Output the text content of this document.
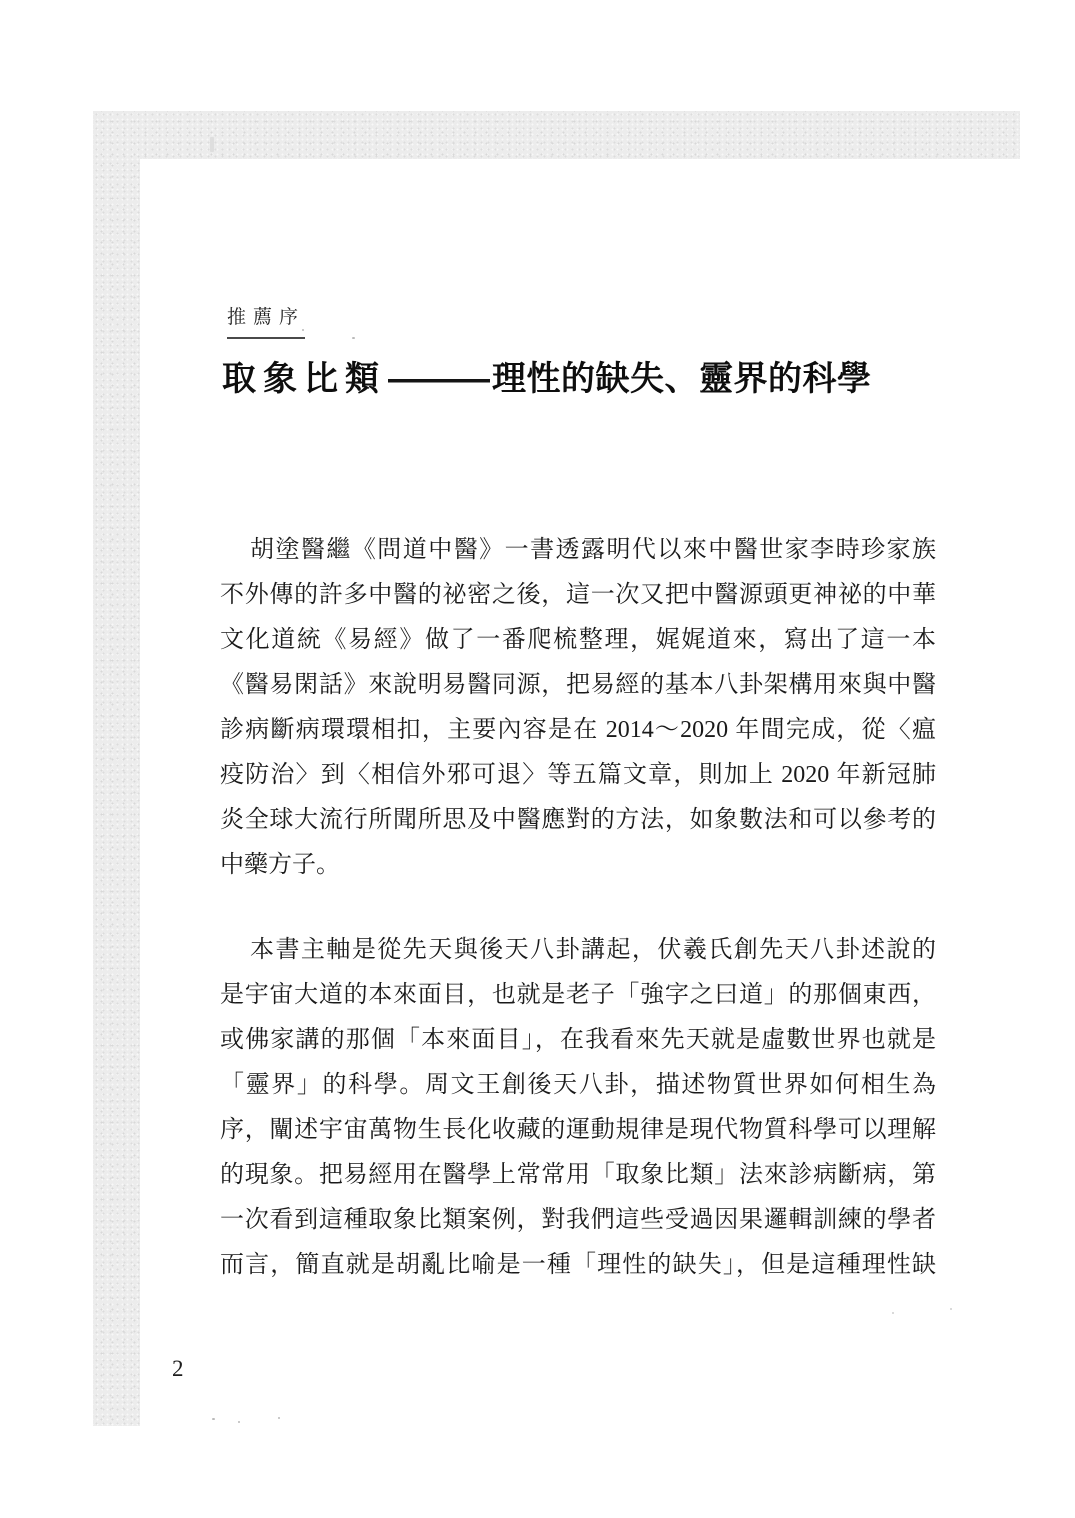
推薦序
取象比類	理性的缺失、靈界的科學
胡塗醫繼《問道中醫》一書透露明代以來中醫世家李時珍家族
不外傳的許多中醫的祕密之後，這一次又把中醫源頭更神祕的中華
文化道統《易經》做了一番爬梳整理，娓娓道來，寫出了這一本
《醫易閑話》來說明易醫同源，把易經的基本八卦架構用來與中醫
診病斷病環環相扣，主要內容是在 2014～2020 年間完成，從〈瘟
疫防治〉到〈相信外邪可退〉等五篇文章，則加上 2020 年新冠肺
炎全球大流行所聞所思及中醫應對的方法，如象數法和可以參考的
中藥方子。
本書主軸是從先天與後天八卦講起，伏羲氏創先天八卦述說的
是宇宙大道的本來面目，也就是老子「強字之曰道」的那個東西，
或佛家講的那個「本來面目」，在我看來先天就是虛數世界也就是
「靈界」的科學。周文王創後天八卦，描述物質世界如何相生為
序，闡述宇宙萬物生長化收藏的運動規律是現代物質科學可以理解
的現象。把易經用在醫學上常常用「取象比類」法來診病斷病，第
一次看到這種取象比類案例，對我們這些受過因果邏輯訓練的學者
而言，簡直就是胡亂比喻是一種「理性的缺失」，但是這種理性缺
2
